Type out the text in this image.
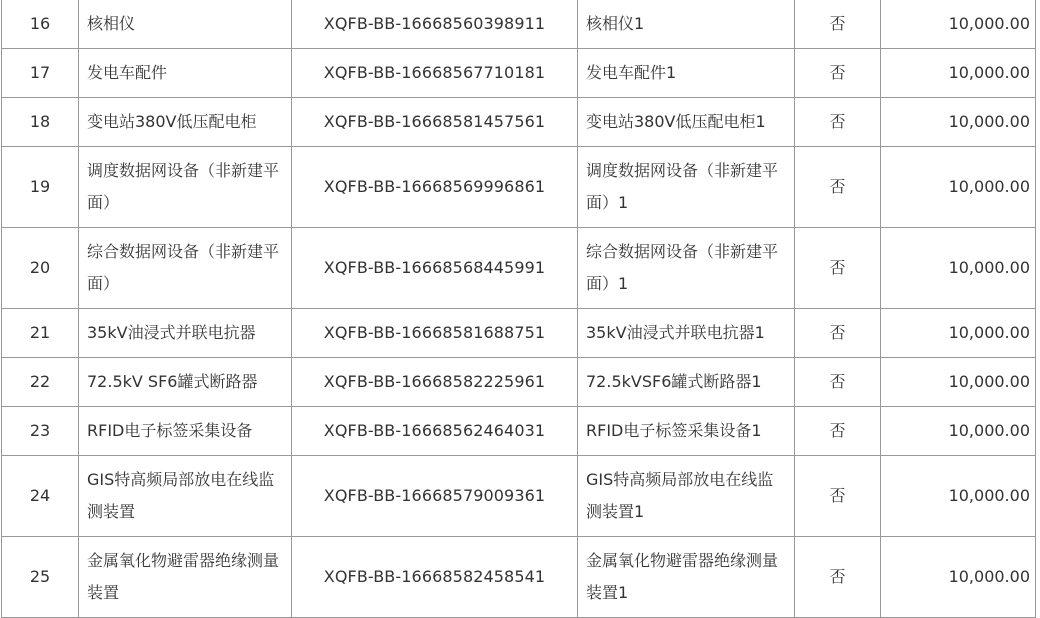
16	核相仪	XQFB-BB-16668560398911	核相仪1	否	10,000.00
17	发电车配件	XQFB-BB-16668567710181	发电车配件1	否	10,000.00
18	变电站380V低压配电柜	XQFB-BB-16668581457561	变电站380V低压配电柜1	否	10,000.00
19	调度数据网设备（非新建平面）	XQFB-BB-16668569996861	调度数据网设备（非新建平面）1	否	10,000.00
20	综合数据网设备（非新建平面）	XQFB-BB-16668568445991	综合数据网设备（非新建平面）1	否	10,000.00
21	35kV油浸式并联电抗器	XQFB-BB-16668581688751	35kV油浸式并联电抗器1	否	10,000.00
22	72.5kV SF6罐式断路器	XQFB-BB-16668582225961	72.5kVSF6罐式断路器1	否	10,000.00
23	RFID电子标签采集设备	XQFB-BB-16668562464031	RFID电子标签采集设备1	否	10,000.00
24	GIS特高频局部放电在线监测装置	XQFB-BB-16668579009361	GIS特高频局部放电在线监测装置1	否	10,000.00
25	金属氧化物避雷器绝缘测量装置	XQFB-BB-16668582458541	金属氧化物避雷器绝缘测量装置1	否	10,000.00
